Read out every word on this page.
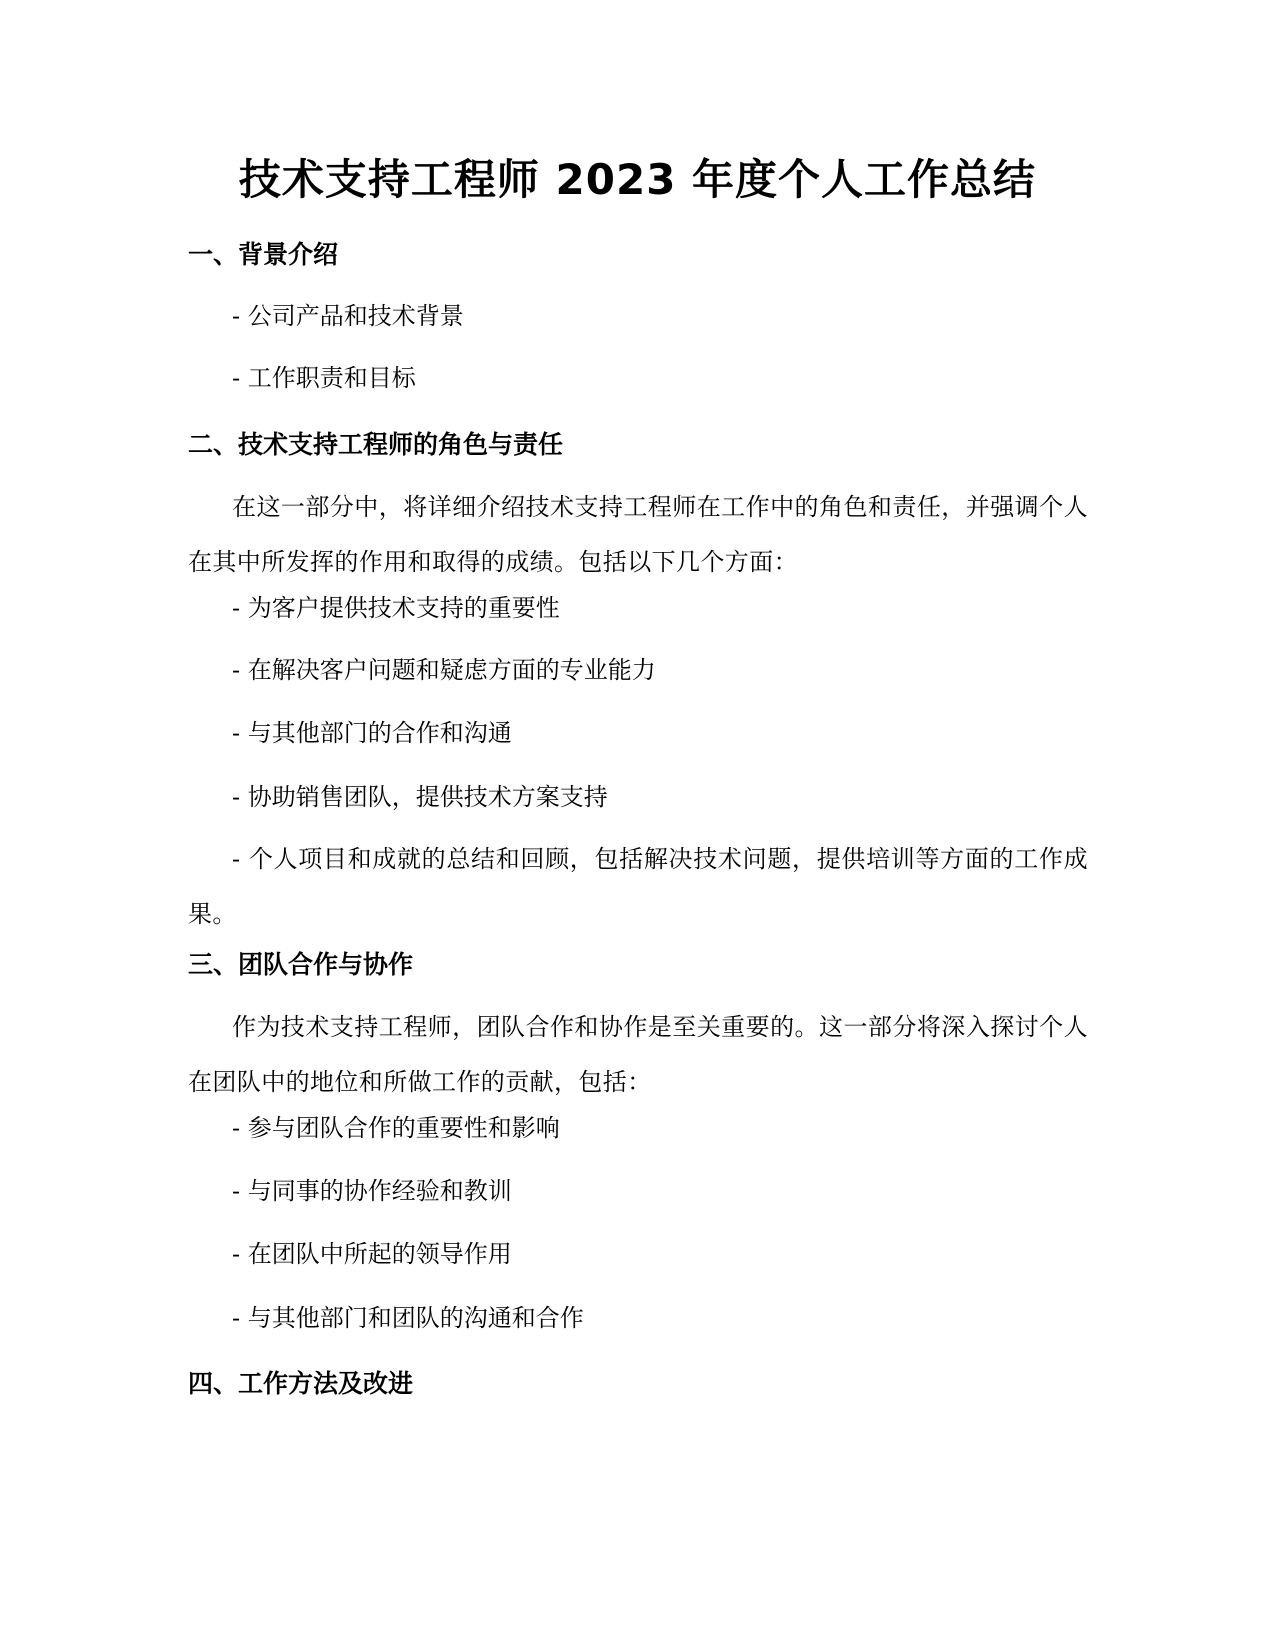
技术支持工程师 2023 年度个人工作总结
一、背景介绍

- 公司产品和技术背景

- 工作职责和目标

二、技术支持工程师的角色与责任

在这一部分中，将详细介绍技术支持工程师在工作中的角色和责任，并强调个人在其中所发挥的作用和取得的成绩。包括以下几个方面：

- 为客户提供技术支持的重要性

- 在解决客户问题和疑虑方面的专业能力

- 与其他部门的合作和沟通

- 协助销售团队，提供技术方案支持

- 个人项目和成就的总结和回顾，包括解决技术问题，提供培训等方面的工作成果。

三、团队合作与协作

作为技术支持工程师，团队合作和协作是至关重要的。这一部分将深入探讨个人在团队中的地位和所做工作的贡献，包括：

- 参与团队合作的重要性和影响

- 与同事的协作经验和教训

- 在团队中所起的领导作用

- 与其他部门和团队的沟通和合作

四、工作方法及改进
